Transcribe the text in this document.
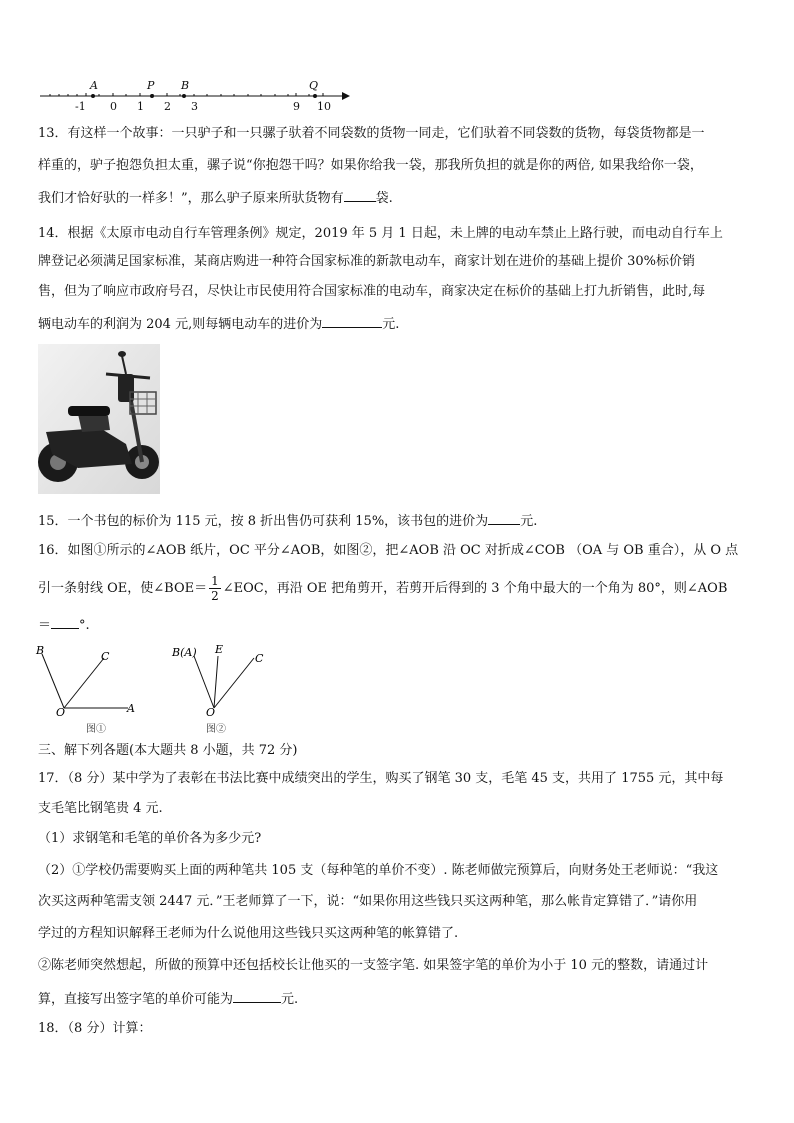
A	P B	Q
-1 0 1 2 3	9 10
13．有这样一个故事：一只驴子和一只骡子驮着不同袋数的货物一同走，它们驮着不同袋数的货物，每袋货物都是一
样重的，驴子抱怨负担太重，骡子说“你抱怨干吗？如果你给我一袋，那我所负担的就是你的两倍, 如果我给你一袋，
我们才恰好驮的一样多！”，那么驴子原来所驮货物有 袋.
14．根据《太原市电动自行车管理条例》规定，2019 年 5 月 1 日起，未上牌的电动车禁止上路行驶，而电动自行车上
牌登记必须满足国家标准，某商店购进一种符合国家标准的新款电动车，商家计划在进价的基础上提价 30%标价销
售，但为了响应市政府号召，尽快让市民使用符合国家标准的电动车，商家决定在标价的基础上打九折销售，此时,每
辆电动车的利润为 204 元,则每辆电动车的进价为	元.
15．一个书包的标价为 115 元，按 8 折出售仍可获利 15%，该书包的进价为 元.
16．如图①所示的∠AOB 纸片，OC 平分∠AOB，如图②，把∠AOB 沿 OC 对折成∠COB （OA 与 OB 重合），从 O 点
引一条射线 OE，使∠BOE＝ $\frac{1}{2}$ ∠EOC，再沿 OE 把角剪开，若剪开后得到的 3 个角中最大的一个角为 80°，则∠AOB
＝ °.
B	C
O	A
图①
B(A) E
C
O
图②
三、解下列各题(本大题共 8 小题，共 72 分)
17．（8 分）某中学为了表彰在书法比赛中成绩突出的学生，购买了钢笔 30 支，毛笔 45 支，共用了 1755 元，其中每
支毛笔比钢笔贵 4 元.
（1）求钢笔和毛笔的单价各为多少元?
（2）①学校仍需要购买上面的两种笔共 105 支（每种笔的单价不变）. 陈老师做完预算后，向财务处王老师说：“我这
次买这两种笔需支领 2447 元．”王老师算了一下，说：“如果你用这些钱只买这两种笔，那么帐肯定算错了．”请你用
学过的方程知识解释王老师为什么说他用这些钱只买这两种笔的帐算错了.
②陈老师突然想起，所做的预算中还包括校长让他买的一支签字笔. 如果签字笔的单价为小于 10 元的整数，请通过计
算，直接写出签字笔的单价可能为	元.
18．（8 分）计算：
